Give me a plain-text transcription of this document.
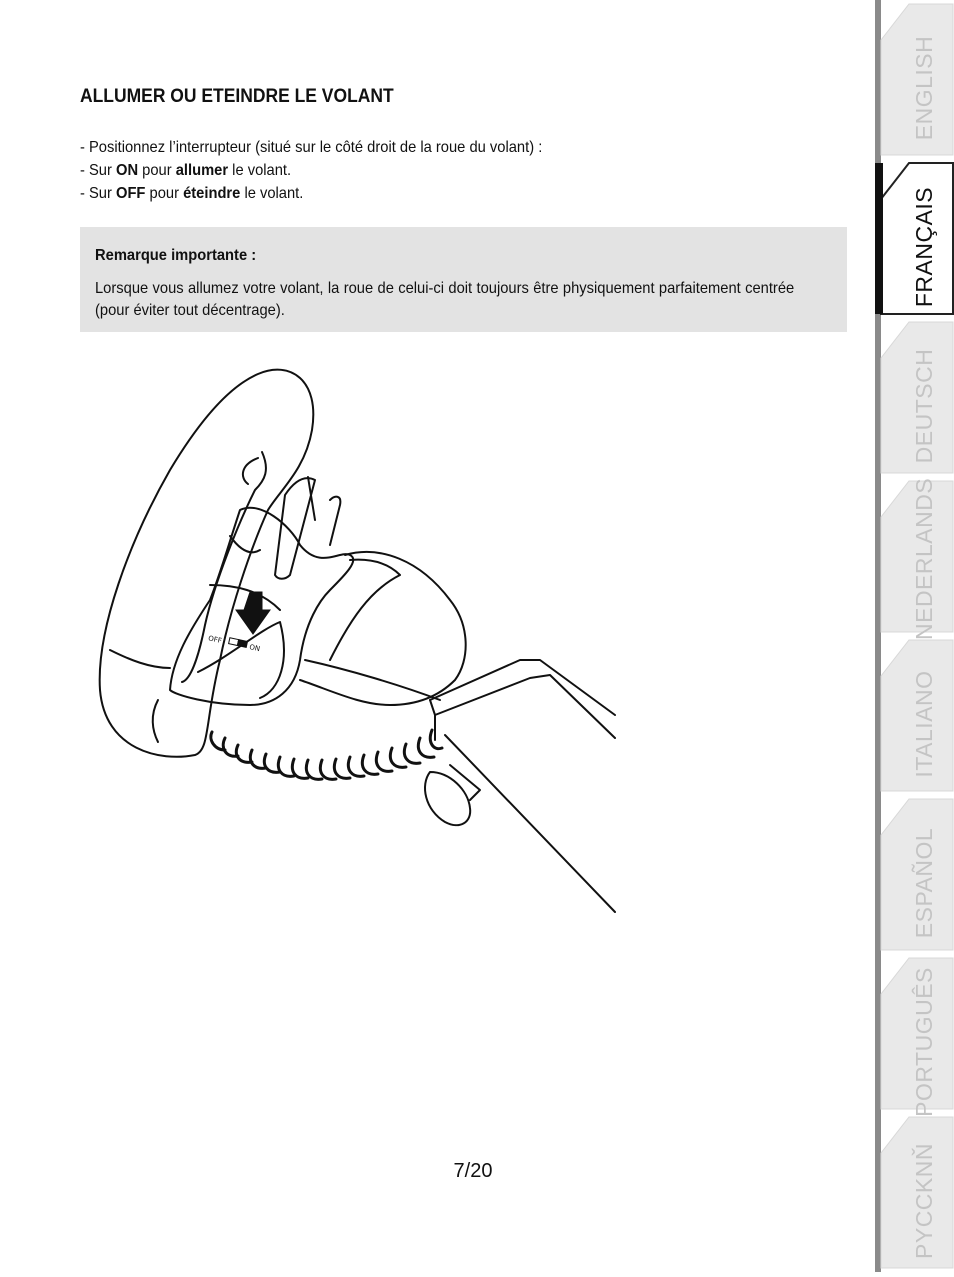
ALLUMER OU ETEINDRE LE VOLANT
- Positionnez l’interrupteur (situé sur le côté droit de la roue du volant) :
- Sur ON pour allumer le volant.
- Sur OFF pour éteindre le volant.
Remarque importante :
Lorsque vous allumez votre volant, la roue de celui-ci doit toujours être physiquement parfaitement centrée (pour éviter tout décentrage).
OFF
ON
7/20
ENGLISH
FRANÇAIS
DEUTSCH
NEDERLANDS
ITALIANO
ESPAÑOL
PORTUGUÊS
PYCCKNŇ
